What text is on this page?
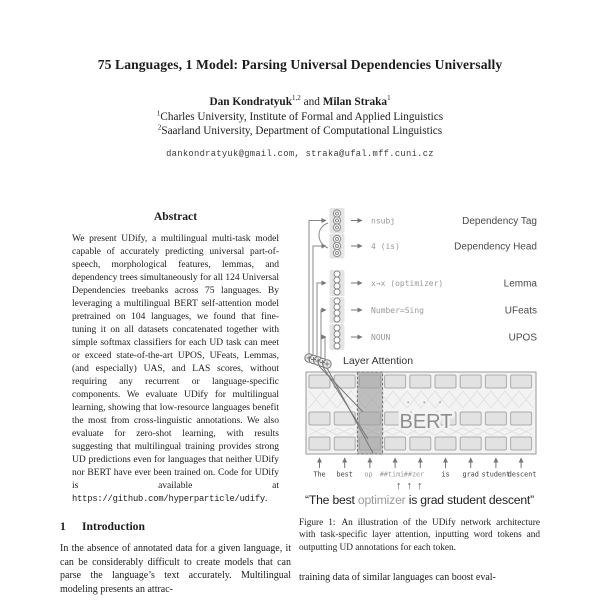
75 Languages, 1 Model: Parsing Universal Dependencies Universally
Dan Kondratyuk$^{1,2}$ and Milan Straka$^1$
$^1$Charles University, Institute of Formal and Applied Linguistics
$^2$Saarland University, Department of Computational Linguistics
dankondratyuk@gmail.com, straka@ufal.mff.cuni.cz
Abstract

We present UDify, a multilingual multi-task model capable of accurately predicting universal part-of-speech, morphological features, lemmas, and dependency trees simultaneously for all 124 Universal Dependencies treebanks across 75 languages. By leveraging a multilingual BERT self-attention model pretrained on 104 languages, we found that fine-tuning it on all datasets concatenated together with simple softmax classifiers for each UD task can meet or exceed state-of-the-art UPOS, UFeats, Lemmas, (and especially) UAS, and LAS scores, without requiring any recurrent or language-specific components. We evaluate UDify for multilingual learning, showing that low-resource languages benefit the most from cross-linguistic annotations. We also evaluate for zero-shot learning, with results suggesting that multilingual training provides strong UD predictions even for languages that neither UDify nor BERT have ever been trained on. Code for UDify is available at https://github.com/hyperparticle/udify.

1 Introduction

In the absence of annotated data for a given language, it can be considerably difficult to create models that can parse the language’s text accurately. Multilingual modeling presents an attrac-

nsubj
4 (is)
x→x (optimizer)
Number=Sing
NOUN
Dependency Tag
Dependency Head
Lemma
UFeats
UPOS
Layer Attention
· · ·
BERT
The best op ##timi ##zer	is grad student
descent
↑↑↑
“The best optimizer is grad student descent”

Figure 1: An illustration of the UDify network architecture with task-specific layer attention, inputting word tokens and outputting UD annotations for each token.

training data of similar languages can boost eval-
